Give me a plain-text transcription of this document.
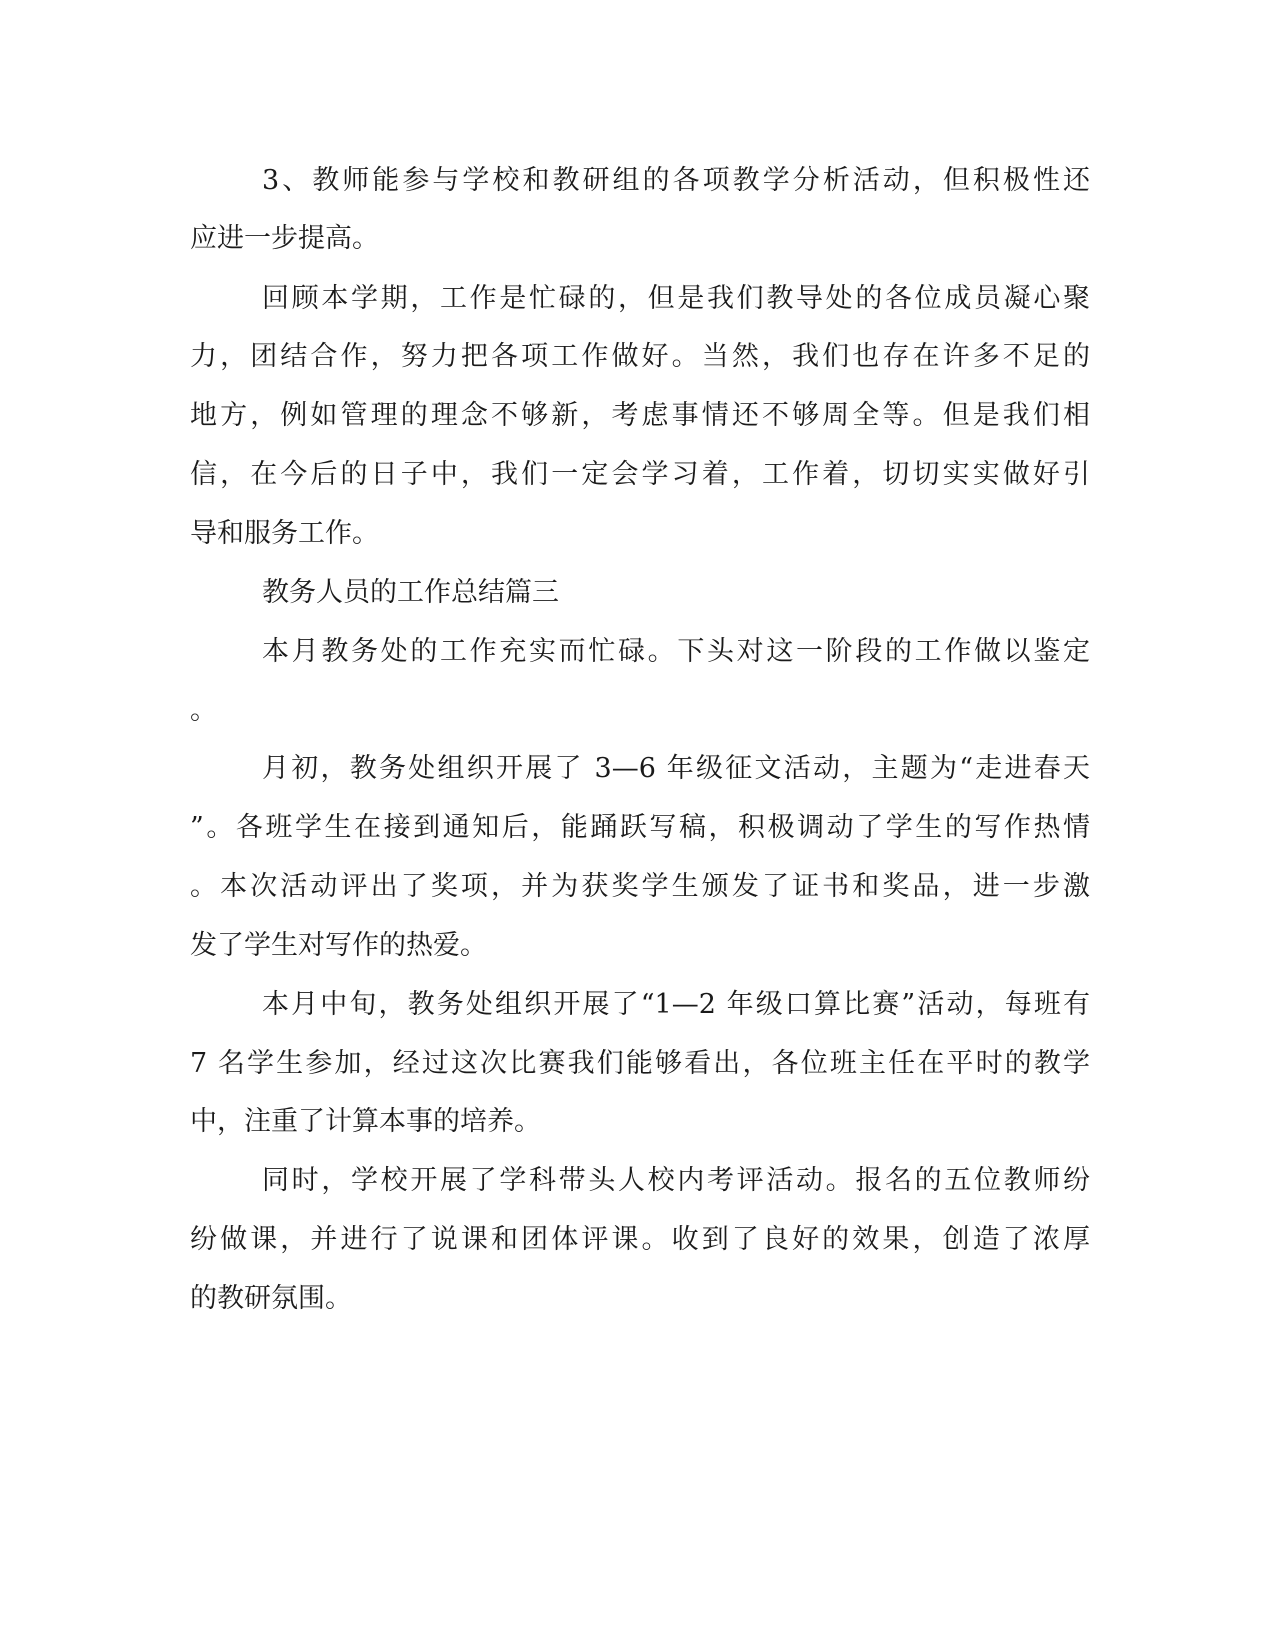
3、教师能参与学校和教研组的各项教学分析活动，但积极性还
应进一步提高。
回顾本学期，工作是忙碌的，但是我们教导处的各位成员凝心聚
力，团结合作，努力把各项工作做好。当然，我们也存在许多不足的
地方，例如管理的理念不够新，考虑事情还不够周全等。但是我们相
信，在今后的日子中，我们一定会学习着，工作着，切切实实做好引
导和服务工作。
教务人员的工作总结篇三
本月教务处的工作充实而忙碌。下头对这一阶段的工作做以鉴定
。
月初，教务处组织开展了 3—6 年级征文活动，主题为“走进春天
”。各班学生在接到通知后，能踊跃写稿，积极调动了学生的写作热情
。本次活动评出了奖项，并为获奖学生颁发了证书和奖品，进一步激
发了学生对写作的热爱。
本月中旬，教务处组织开展了“1—2 年级口算比赛”活动，每班有
7 名学生参加，经过这次比赛我们能够看出，各位班主任在平时的教学
中，注重了计算本事的培养。
同时，学校开展了学科带头人校内考评活动。报名的五位教师纷
纷做课，并进行了说课和团体评课。收到了良好的效果，创造了浓厚
的教研氛围。
